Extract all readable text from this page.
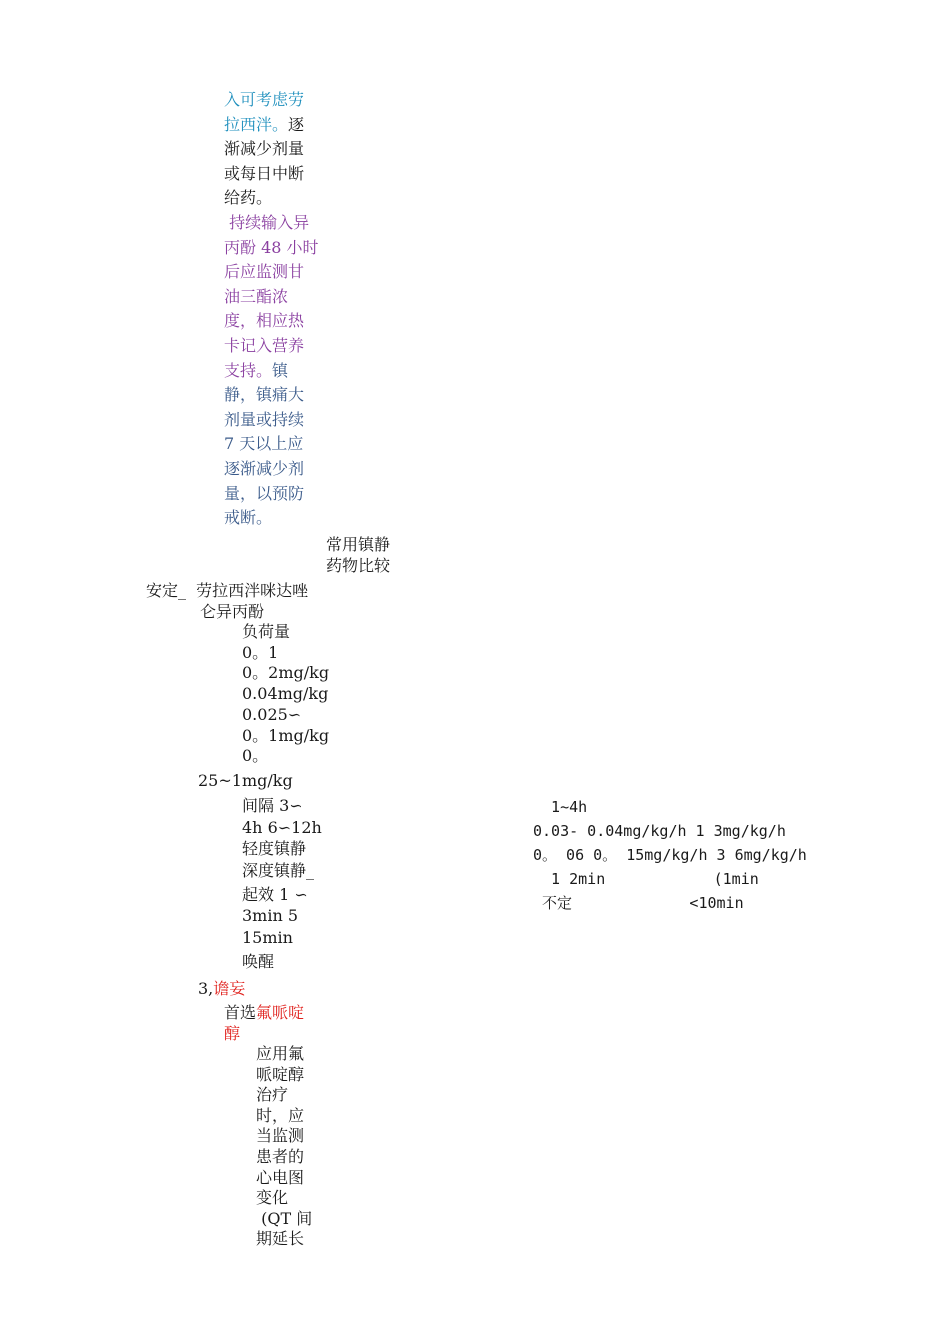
入可考虑劳
拉西泮。逐
渐减少剂量
或每日中断
给药。
持续输入异
丙酚 48 小时
后应监测甘
油三酯浓
度，相应热
卡记入营养
支持。镇
静，镇痛大
剂量或持续
7 天以上应
逐渐减少剂
量，以预防
戒断。
常用镇静
药物比较
安定_  劳拉西泮咪达唑
仑异丙酚
负荷量
0。1
0。2mg/kg
0.04mg/kg
0.025∽
0。1mg/kg
0。
25~1mg/kg
间隔 3∽
4h 6∽12h
轻度镇静
深度镇静_
起效 1 ∽
3min 5
15min
唤醒
1~4h
0.03- 0.04mg/kg/h 1 3mg/kg/h
0。 06 0。 15mg/kg/h 3 6mg/kg/h
1 2min            (1min
不定             <10min
3,谵妄
首选氟哌啶
醇
应用氟
哌啶醇
治疗
时，应
当监测
患者的
心电图
变化
(QT 间
期延长
